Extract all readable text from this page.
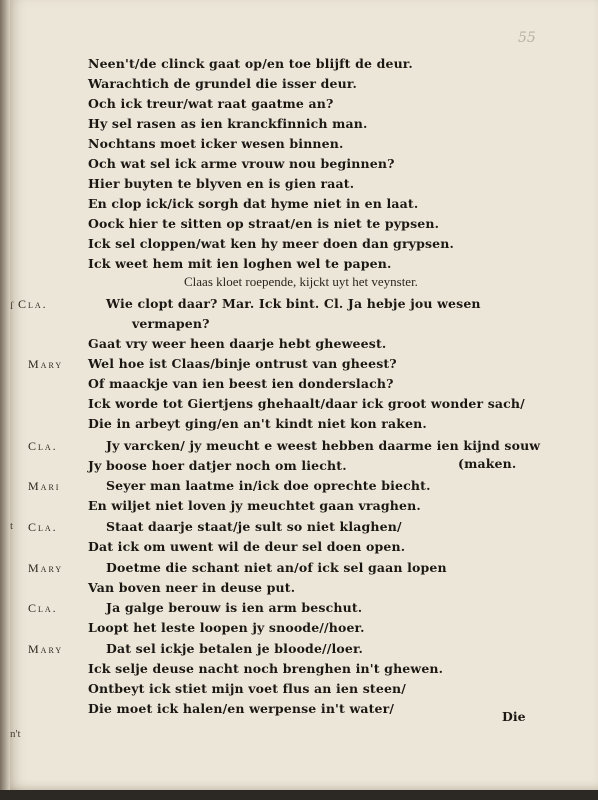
55
Neen't/de clinck gaat op/en toe blijft de deur.
Warachtich de grundel die isser deur.
Och ick treur/wat raat gaatme an?
Hy sel rasen as ien kranckfinnich man.
Nochtans moet icker wesen binnen.
Och wat sel ick arme vrouw nou beginnen?
Hier buyten te blyven en is gien raat.
En clop ick/ick sorgh dat hyme niet in en laat.
Oock hier te sitten op straat/en is niet te pypsen.
Ick sel cloppen/wat ken hy meer doen dan grypsen.
Ick weet hem mit ien loghen wel te papen.
Claas kloet roepende, kijckt uyt het veynster.
Cla.	Wie clopt daar? Mar. Ick bint. Cl. Ja hebje jou wesen
vermapen?
Gaat vry weer heen daarje hebt gheweest.
Mary Wel hoe ist Claas/binje ontrust van gheest?
Of maackje van ien beest ien donderslach?
Ick worde tot Giertjens ghehaalt/daar ick groot wonder sach/
Die in arbeyt ging/en an't kindt niet kon raken.
Cla.	Jy varcken/ jy meucht e weest hebben daarme ien kijnd souw
Jy boose hoer datjer noch om liecht.	(maken.
Mari	Seyer man laatme in/ick doe oprechte biecht.
En wiljet niet loven jy meuchtet gaan vraghen.
Cla.	Staat daarje staat/je sult so niet klaghen/
Dat ick om uwent wil de deur sel doen open.
Mary	Doetme die schant niet an/of ick sel gaan lopen
Van boven neer in deuse put.
Cla.	Ja galge berouw is ien arm beschut.
Loopt het leste loopen jy snoode//hoer.
Mary	Dat sel ickje betalen je bloode//loer.
Ick selje deuse nacht noch brenghen in't ghewen.
Ontbeyt ick stiet mijn voet flus an ien steen/
Die moet ick halen/en werpense in't water/
Die
ſ
t
n't
